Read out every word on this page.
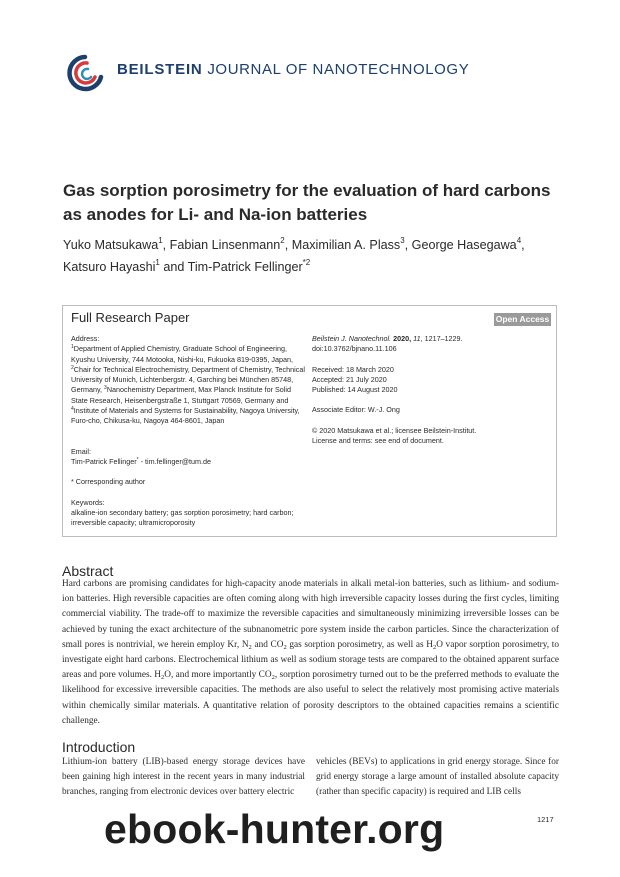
BEILSTEIN JOURNAL OF NANOTECHNOLOGY
Gas sorption porosimetry for the evaluation of hard carbons as anodes for Li- and Na-ion batteries
Yuko Matsukawa$^1$, Fabian Linsenmann$^2$, Maximilian A. Plass$^3$, George Hasegawa$^4$,
Katsuro Hayashi$^1$ and Tim-Patrick Fellinger$^{*2}$
Full Research Paper	Open Access
Address:
$^1$Department of Applied Chemistry, Graduate School of Engineering, Kyushu University, 744 Motooka, Nishi-ku, Fukuoka 819-0395, Japan, $^2$Chair for Technical Electrochemistry, Department of Chemistry, Technical University of Munich, Lichtenbergstr. 4, Garching bei München 85748, Germany, $^3$Nanochemistry Department, Max Planck Institute for Solid State Research, Heisenbergstraße 1, Stuttgart 70569, Germany and $^4$Institute of Materials and Systems for Sustainability, Nagoya University, Furo-cho, Chikusa-ku, Nagoya 464-8601, Japan
Email:
Tim-Patrick Fellinger* - tim.fellinger@tum.de
* Corresponding author
Keywords:
alkaline-ion secondary battery; gas sorption porosimetry; hard carbon; irreversible capacity; ultramicroporosity
Beilstein J. Nanotechnol. 2020, 11, 1217–1229.
doi:10.3762/bjnano.11.106
Received: 18 March 2020
Accepted: 21 July 2020
Published: 14 August 2020
Associate Editor: W.-J. Ong
© 2020 Matsukawa et al.; licensee Beilstein-Institut.
License and terms: see end of document.
Abstract
Hard carbons are promising candidates for high-capacity anode materials in alkali metal-ion batteries, such as lithium- and sodium-ion batteries. High reversible capacities are often coming along with high irreversible capacity losses during the first cycles, limiting commercial viability. The trade-off to maximize the reversible capacities and simultaneously minimizing irreversible losses can be achieved by tuning the exact architecture of the subnanometric pore system inside the carbon particles. Since the characterization of small pores is nontrivial, we herein employ Kr, $N_2$ and $CO_2$ gas sorption porosimetry, as well as $H_2O$ vapor sorption porosimetry, to investigate eight hard carbons. Electrochemical lithium as well as sodium storage tests are compared to the obtained apparent surface areas and pore volumes. $H_2O$, and more importantly $CO_2$, sorption porosimetry turned out to be the preferred methods to evaluate the likelihood for excessive irreversible capacities. The methods are also useful to select the relatively most promising active materials within chemically similar materials. A quantitative relation of porosity descriptors to the obtained capacities remains a scientific challenge.
Introduction
Lithium-ion battery (LIB)-based energy storage devices have been gaining high interest in the recent years in many industrial branches, ranging from electronic devices over battery electric
vehicles (BEVs) to applications in grid energy storage. Since for grid energy storage a large amount of installed absolute capacity (rather than specific capacity) is required and LIB cells
1217
ebook-hunter.org
